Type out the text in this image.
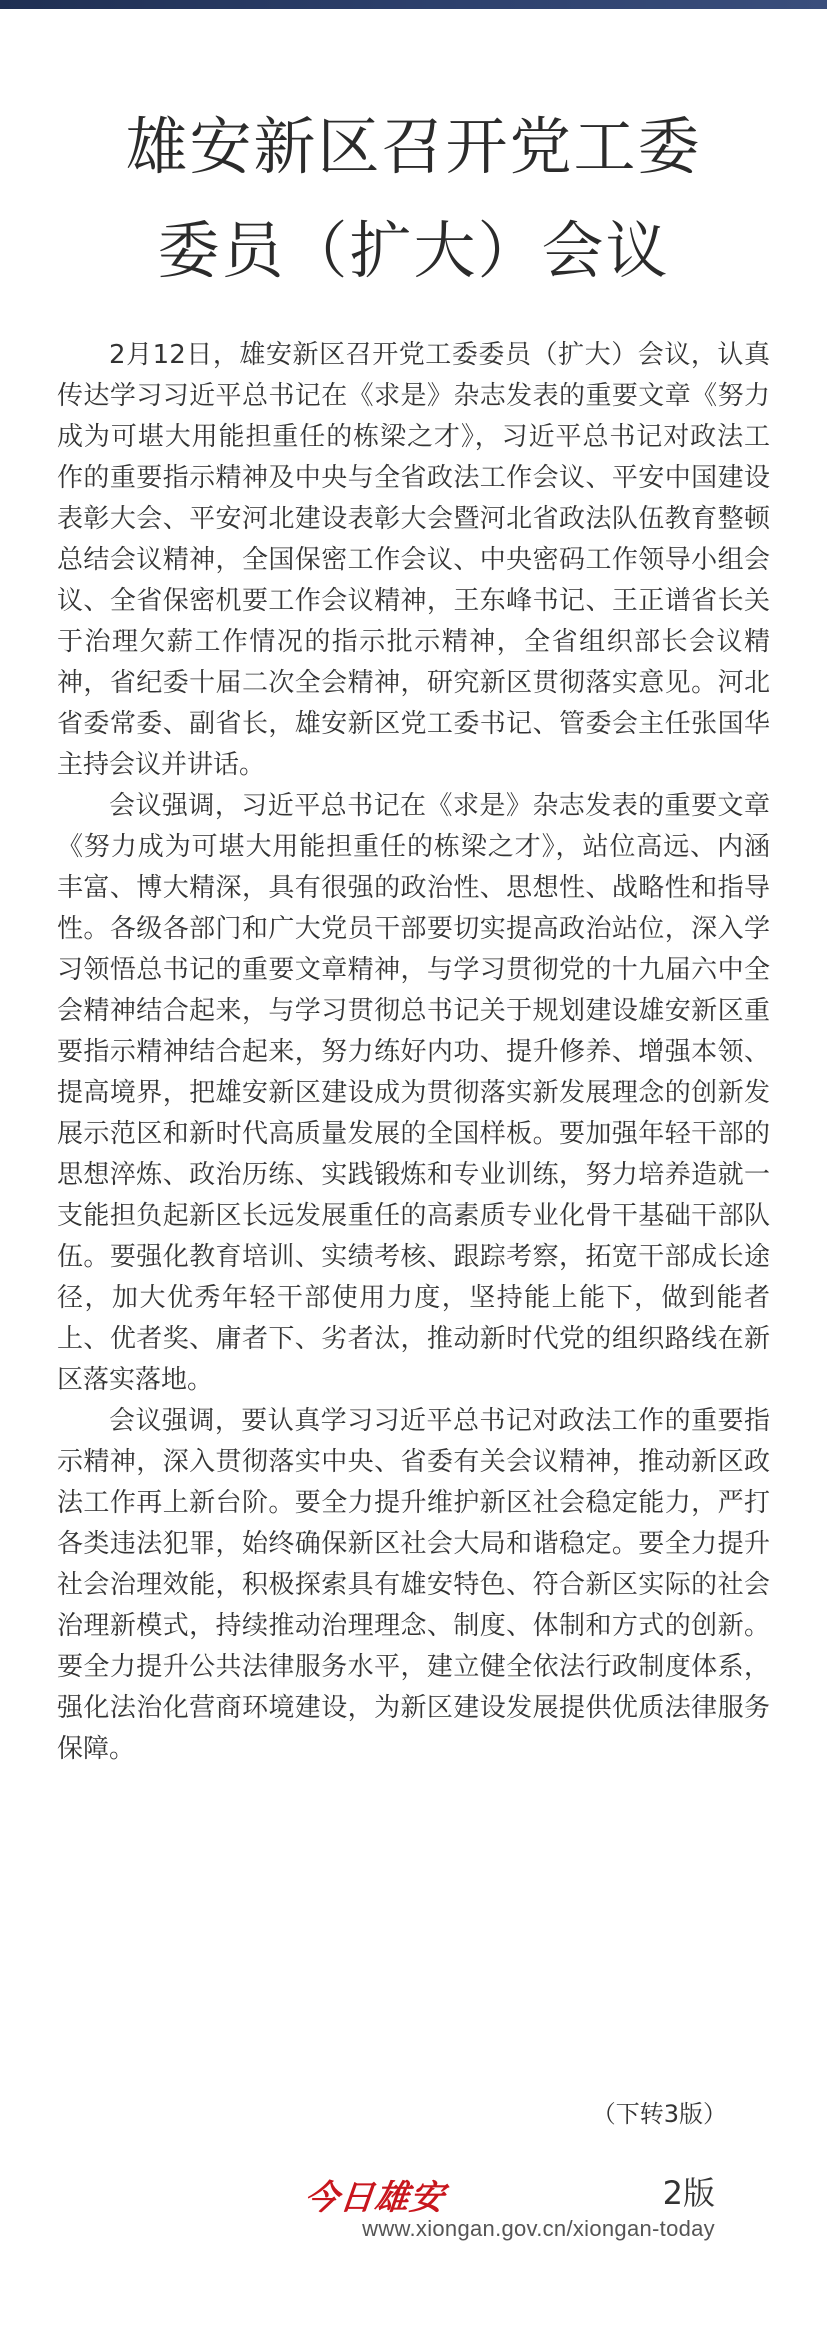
雄安新区召开党工委
委员（扩大）会议

2月12日，雄安新区召开党工委委员（扩大）会议，认真传达学习习近平总书记在《求是》杂志发表的重要文章《努力成为可堪大用能担重任的栋梁之才》，习近平总书记对政法工作的重要指示精神及中央与全省政法工作会议、平安中国建设表彰大会、平安河北建设表彰大会暨河北省政法队伍教育整顿总结会议精神，全国保密工作会议、中央密码工作领导小组会议、全省保密机要工作会议精神，王东峰书记、王正谱省长关于治理欠薪工作情况的指示批示精神，全省组织部长会议精神，省纪委十届二次全会精神，研究新区贯彻落实意见。河北省委常委、副省长，雄安新区党工委书记、管委会主任张国华主持会议并讲话。

会议强调，习近平总书记在《求是》杂志发表的重要文章《努力成为可堪大用能担重任的栋梁之才》，站位高远、内涵丰富、博大精深，具有很强的政治性、思想性、战略性和指导性。各级各部门和广大党员干部要切实提高政治站位，深入学习领悟总书记的重要文章精神，与学习贯彻党的十九届六中全会精神结合起来，与学习贯彻总书记关于规划建设雄安新区重要指示精神结合起来，努力练好内功、提升修养、增强本领、提高境界，把雄安新区建设成为贯彻落实新发展理念的创新发展示范区和新时代高质量发展的全国样板。要加强年轻干部的思想淬炼、政治历练、实践锻炼和专业训练，努力培养造就一支能担负起新区长远发展重任的高素质专业化骨干基础干部队伍。要强化教育培训、实绩考核、跟踪考察，拓宽干部成长途径，加大优秀年轻干部使用力度，坚持能上能下，做到能者上、优者奖、庸者下、劣者汰，推动新时代党的组织路线在新区落实落地。

会议强调，要认真学习习近平总书记对政法工作的重要指示精神，深入贯彻落实中央、省委有关会议精神，推动新区政法工作再上新台阶。要全力提升维护新区社会稳定能力，严打各类违法犯罪，始终确保新区社会大局和谐稳定。要全力提升社会治理效能，积极探索具有雄安特色、符合新区实际的社会治理新模式，持续推动治理理念、制度、体制和方式的创新。要全力提升公共法律服务水平，建立健全依法行政制度体系，强化法治化营商环境建设，为新区建设发展提供优质法律服务保障。

（下转3版）
今日雄安	2版
www.xiongan.gov.cn/xiongan-today
